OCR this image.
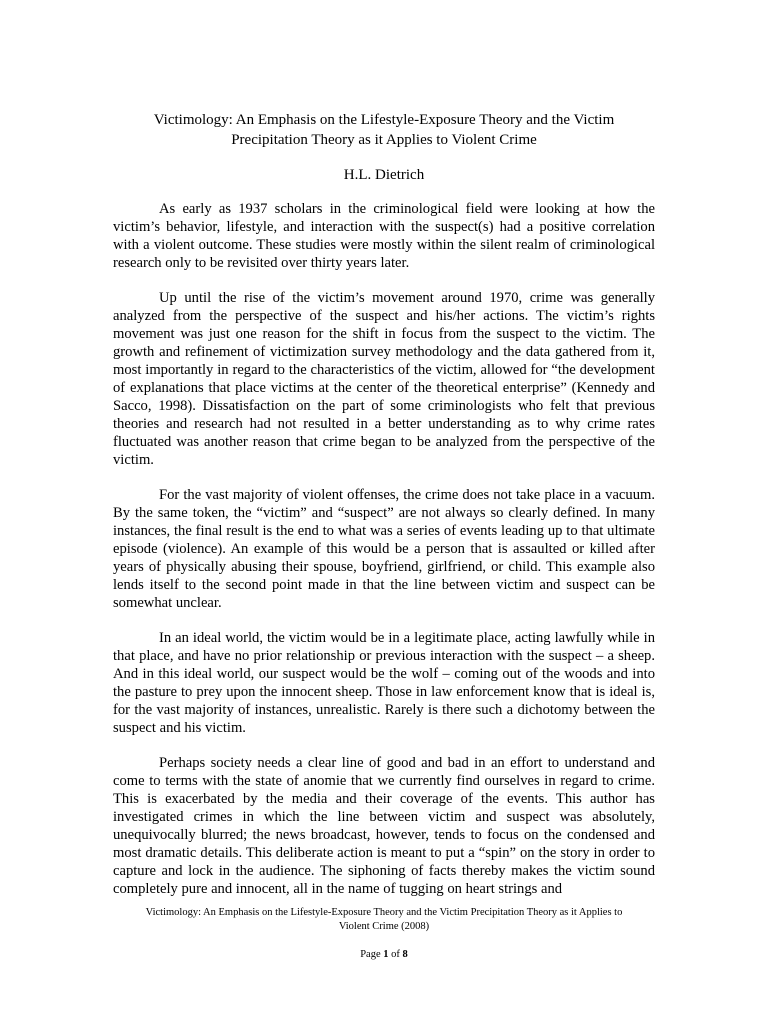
Victimology: An Emphasis on the Lifestyle-Exposure Theory and the Victim
Precipitation Theory as it Applies to Violent Crime
H.L. Dietrich

As early as 1937 scholars in the criminological field were looking at how the victim’s behavior, lifestyle, and interaction with the suspect(s) had a positive correlation with a violent outcome. These studies were mostly within the silent realm of criminological research only to be revisited over thirty years later.

Up until the rise of the victim’s movement around 1970, crime was generally analyzed from the perspective of the suspect and his/her actions. The victim’s rights movement was just one reason for the shift in focus from the suspect to the victim. The growth and refinement of victimization survey methodology and the data gathered from it, most importantly in regard to the characteristics of the victim, allowed for “the development of explanations that place victims at the center of the theoretical enterprise” (Kennedy and Sacco, 1998). Dissatisfaction on the part of some criminologists who felt that previous theories and research had not resulted in a better understanding as to why crime rates fluctuated was another reason that crime began to be analyzed from the perspective of the victim.

For the vast majority of violent offenses, the crime does not take place in a vacuum. By the same token, the “victim” and “suspect” are not always so clearly defined. In many instances, the final result is the end to what was a series of events leading up to that ultimate episode (violence). An example of this would be a person that is assaulted or killed after years of physically abusing their spouse, boyfriend, girlfriend, or child. This example also lends itself to the second point made in that the line between victim and suspect can be somewhat unclear.

In an ideal world, the victim would be in a legitimate place, acting lawfully while in that place, and have no prior relationship or previous interaction with the suspect – a sheep. And in this ideal world, our suspect would be the wolf – coming out of the woods and into the pasture to prey upon the innocent sheep. Those in law enforcement know that is ideal is, for the vast majority of instances, unrealistic. Rarely is there such a dichotomy between the suspect and his victim.

Perhaps society needs a clear line of good and bad in an effort to understand and come to terms with the state of anomie that we currently find ourselves in regard to crime. This is exacerbated by the media and their coverage of the events. This author has investigated crimes in which the line between victim and suspect was absolutely, unequivocally blurred; the news broadcast, however, tends to focus on the condensed and most dramatic details. This deliberate action is meant to put a “spin” on the story in order to capture and lock in the audience. The siphoning of facts thereby makes the victim sound completely pure and innocent, all in the name of tugging on heart strings and

Victimology: An Emphasis on the Lifestyle-Exposure Theory and the Victim Precipitation Theory as it Applies to
Violent Crime (2008)
Page 1 of 8
